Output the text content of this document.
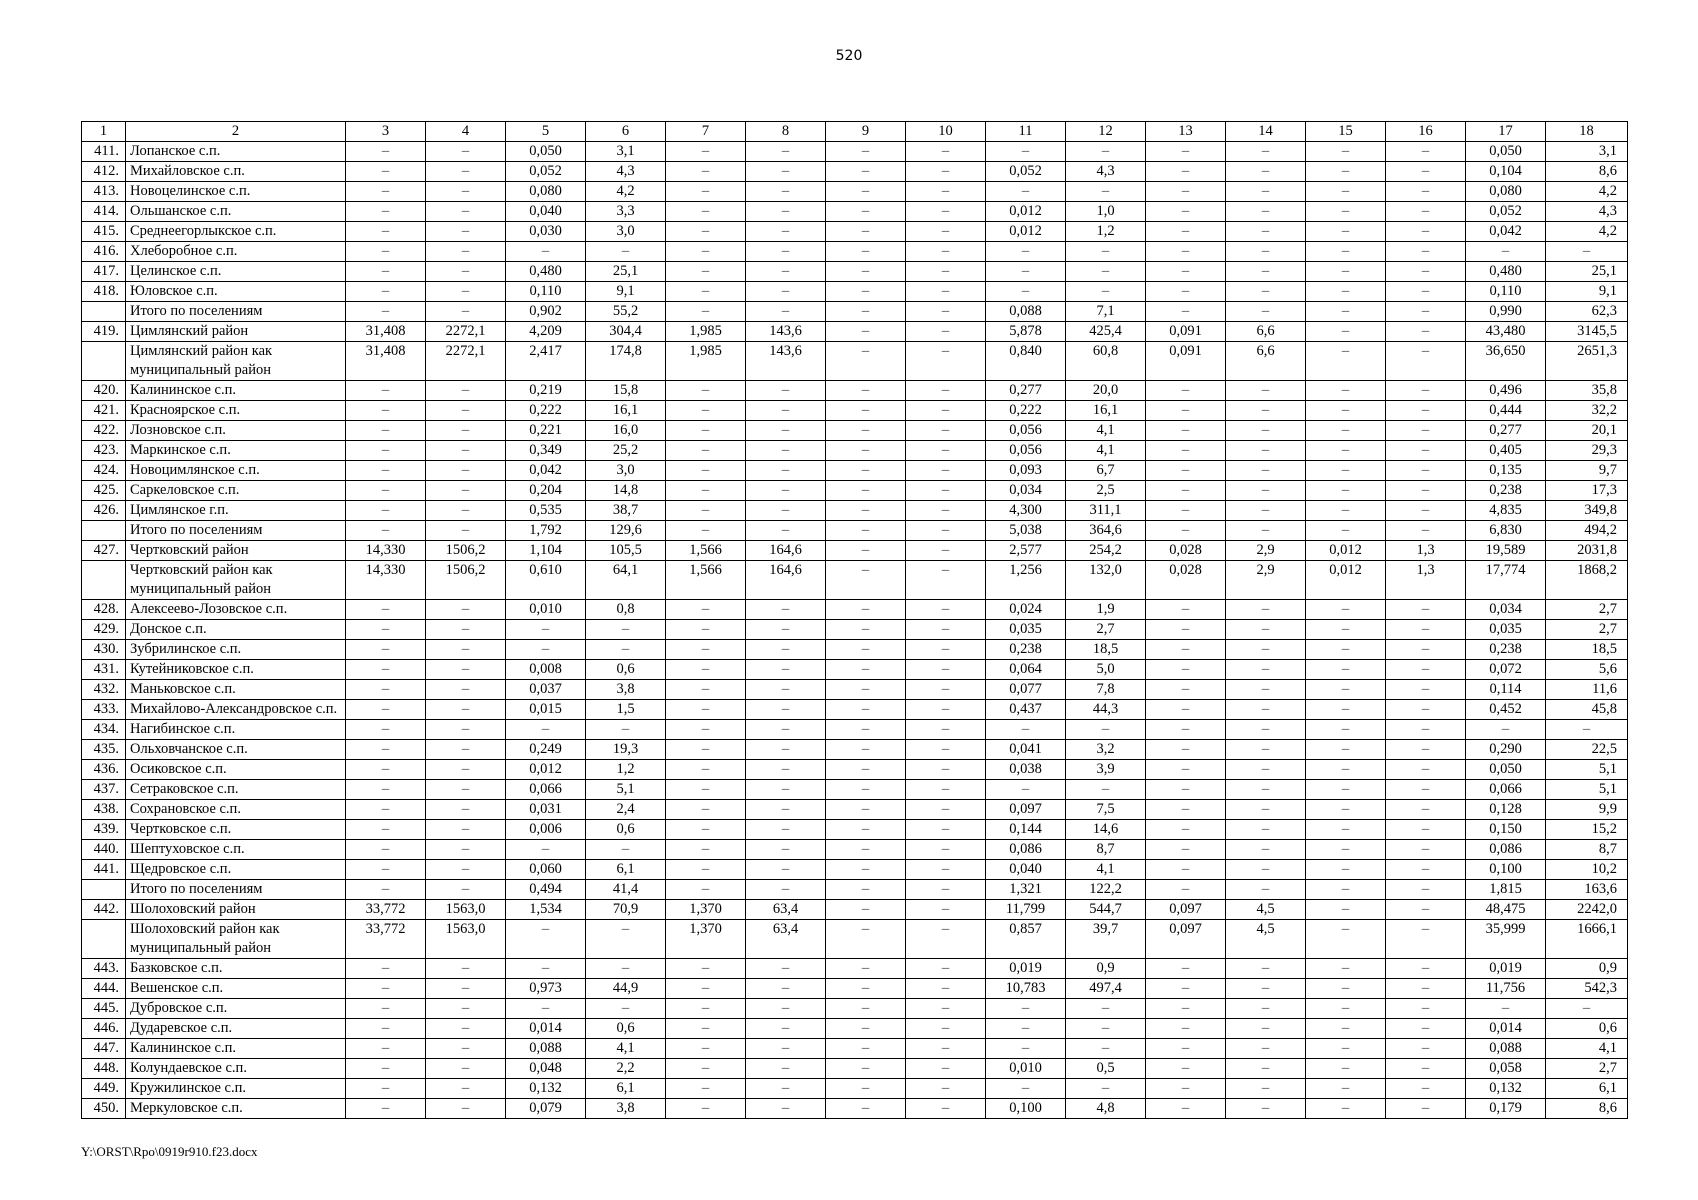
520
1	2	3	4	5	6	7	8	9	10	11	12	13	14	15	16	17	18
411.	Лопанское с.п.	–	–	0,050	3,1	–	–	–	–	–	–	–	–	–	–	0,050	3,1
412.	Михайловское с.п.	–	–	0,052	4,3	–	–	–	–	0,052	4,3	–	–	–	–	0,104	8,6
413.	Новоцелинское с.п.	–	–	0,080	4,2	–	–	–	–	–	–	–	–	–	–	0,080	4,2
414.	Ольшанское с.п.	–	–	0,040	3,3	–	–	–	–	0,012	1,0	–	–	–	–	0,052	4,3
415.	Среднеегорлыкское с.п.	–	–	0,030	3,0	–	–	–	–	0,012	1,2	–	–	–	–	0,042	4,2
416.	Хлеборобное с.п.	–	–	–	–	–	–	–	–	–	–	–	–	–	–	–	–
417.	Целинское с.п.	–	–	0,480	25,1	–	–	–	–	–	–	–	–	–	–	0,480	25,1
418.	Юловское с.п.	–	–	0,110	9,1	–	–	–	–	–	–	–	–	–	–	0,110	9,1
	Итого по поселениям	–	–	0,902	55,2	–	–	–	–	0,088	7,1	–	–	–	–	0,990	62,3
419.	Цимлянский район	31,408	2272,1	4,209	304,4	1,985	143,6	–	–	5,878	425,4	0,091	6,6	–	–	43,480	3145,5
	Цимлянский район как муниципальный район	31,408	2272,1	2,417	174,8	1,985	143,6	–	–	0,840	60,8	0,091	6,6	–	–	36,650	2651,3
420.	Калининское с.п.	–	–	0,219	15,8	–	–	–	–	0,277	20,0	–	–	–	–	0,496	35,8
421.	Красноярское с.п.	–	–	0,222	16,1	–	–	–	–	0,222	16,1	–	–	–	–	0,444	32,2
422.	Лозновское с.п.	–	–	0,221	16,0	–	–	–	–	0,056	4,1	–	–	–	–	0,277	20,1
423.	Маркинское с.п.	–	–	0,349	25,2	–	–	–	–	0,056	4,1	–	–	–	–	0,405	29,3
424.	Новоцимлянское с.п.	–	–	0,042	3,0	–	–	–	–	0,093	6,7	–	–	–	–	0,135	9,7
425.	Саркеловское с.п.	–	–	0,204	14,8	–	–	–	–	0,034	2,5	–	–	–	–	0,238	17,3
426.	Цимлянское г.п.	–	–	0,535	38,7	–	–	–	–	4,300	311,1	–	–	–	–	4,835	349,8
	Итого по поселениям	–	–	1,792	129,6	–	–	–	–	5,038	364,6	–	–	–	–	6,830	494,2
427.	Чертковский район	14,330	1506,2	1,104	105,5	1,566	164,6	–	–	2,577	254,2	0,028	2,9	0,012	1,3	19,589	2031,8
	Чертковский район как муниципальный район	14,330	1506,2	0,610	64,1	1,566	164,6	–	–	1,256	132,0	0,028	2,9	0,012	1,3	17,774	1868,2
428.	Алексеево-Лозовское с.п.	–	–	0,010	0,8	–	–	–	–	0,024	1,9	–	–	–	–	0,034	2,7
429.	Донское с.п.	–	–	–	–	–	–	–	–	0,035	2,7	–	–	–	–	0,035	2,7
430.	Зубрилинское с.п.	–	–	–	–	–	–	–	–	0,238	18,5	–	–	–	–	0,238	18,5
431.	Кутейниковское с.п.	–	–	0,008	0,6	–	–	–	–	0,064	5,0	–	–	–	–	0,072	5,6
432.	Маньковское с.п.	–	–	0,037	3,8	–	–	–	–	0,077	7,8	–	–	–	–	0,114	11,6
433.	Михайлово-Александровское с.п.	–	–	0,015	1,5	–	–	–	–	0,437	44,3	–	–	–	–	0,452	45,8
434.	Нагибинское с.п.	–	–	–	–	–	–	–	–	–	–	–	–	–	–	–	–
435.	Ольховчанское с.п.	–	–	0,249	19,3	–	–	–	–	0,041	3,2	–	–	–	–	0,290	22,5
436.	Осиковское с.п.	–	–	0,012	1,2	–	–	–	–	0,038	3,9	–	–	–	–	0,050	5,1
437.	Сетраковское с.п.	–	–	0,066	5,1	–	–	–	–	–	–	–	–	–	–	0,066	5,1
438.	Сохрановское с.п.	–	–	0,031	2,4	–	–	–	–	0,097	7,5	–	–	–	–	0,128	9,9
439.	Чертковское с.п.	–	–	0,006	0,6	–	–	–	–	0,144	14,6	–	–	–	–	0,150	15,2
440.	Шептуховское с.п.	–	–	–	–	–	–	–	–	0,086	8,7	–	–	–	–	0,086	8,7
441.	Щедровское с.п.	–	–	0,060	6,1	–	–	–	–	0,040	4,1	–	–	–	–	0,100	10,2
	Итого по поселениям	–	–	0,494	41,4	–	–	–	–	1,321	122,2	–	–	–	–	1,815	163,6
442.	Шолоховский район	33,772	1563,0	1,534	70,9	1,370	63,4	–	–	11,799	544,7	0,097	4,5	–	–	48,475	2242,0
	Шолоховский район как муниципальный район	33,772	1563,0	–	–	1,370	63,4	–	–	0,857	39,7	0,097	4,5	–	–	35,999	1666,1
443.	Базковское с.п.	–	–	–	–	–	–	–	–	0,019	0,9	–	–	–	–	0,019	0,9
444.	Вешенское с.п.	–	–	0,973	44,9	–	–	–	–	10,783	497,4	–	–	–	–	11,756	542,3
445.	Дубровское с.п.	–	–	–	–	–	–	–	–	–	–	–	–	–	–	–	–
446.	Дударевское с.п.	–	–	0,014	0,6	–	–	–	–	–	–	–	–	–	–	0,014	0,6
447.	Калининское с.п.	–	–	0,088	4,1	–	–	–	–	–	–	–	–	–	–	0,088	4,1
448.	Колундаевское с.п.	–	–	0,048	2,2	–	–	–	–	0,010	0,5	–	–	–	–	0,058	2,7
449.	Кружилинское с.п.	–	–	0,132	6,1	–	–	–	–	–	–	–	–	–	–	0,132	6,1
450.	Меркуловское с.п.	–	–	0,079	3,8	–	–	–	–	0,100	4,8	–	–	–	–	0,179	8,6
Y:\ORST\Rpo\0919r910.f23.docx
